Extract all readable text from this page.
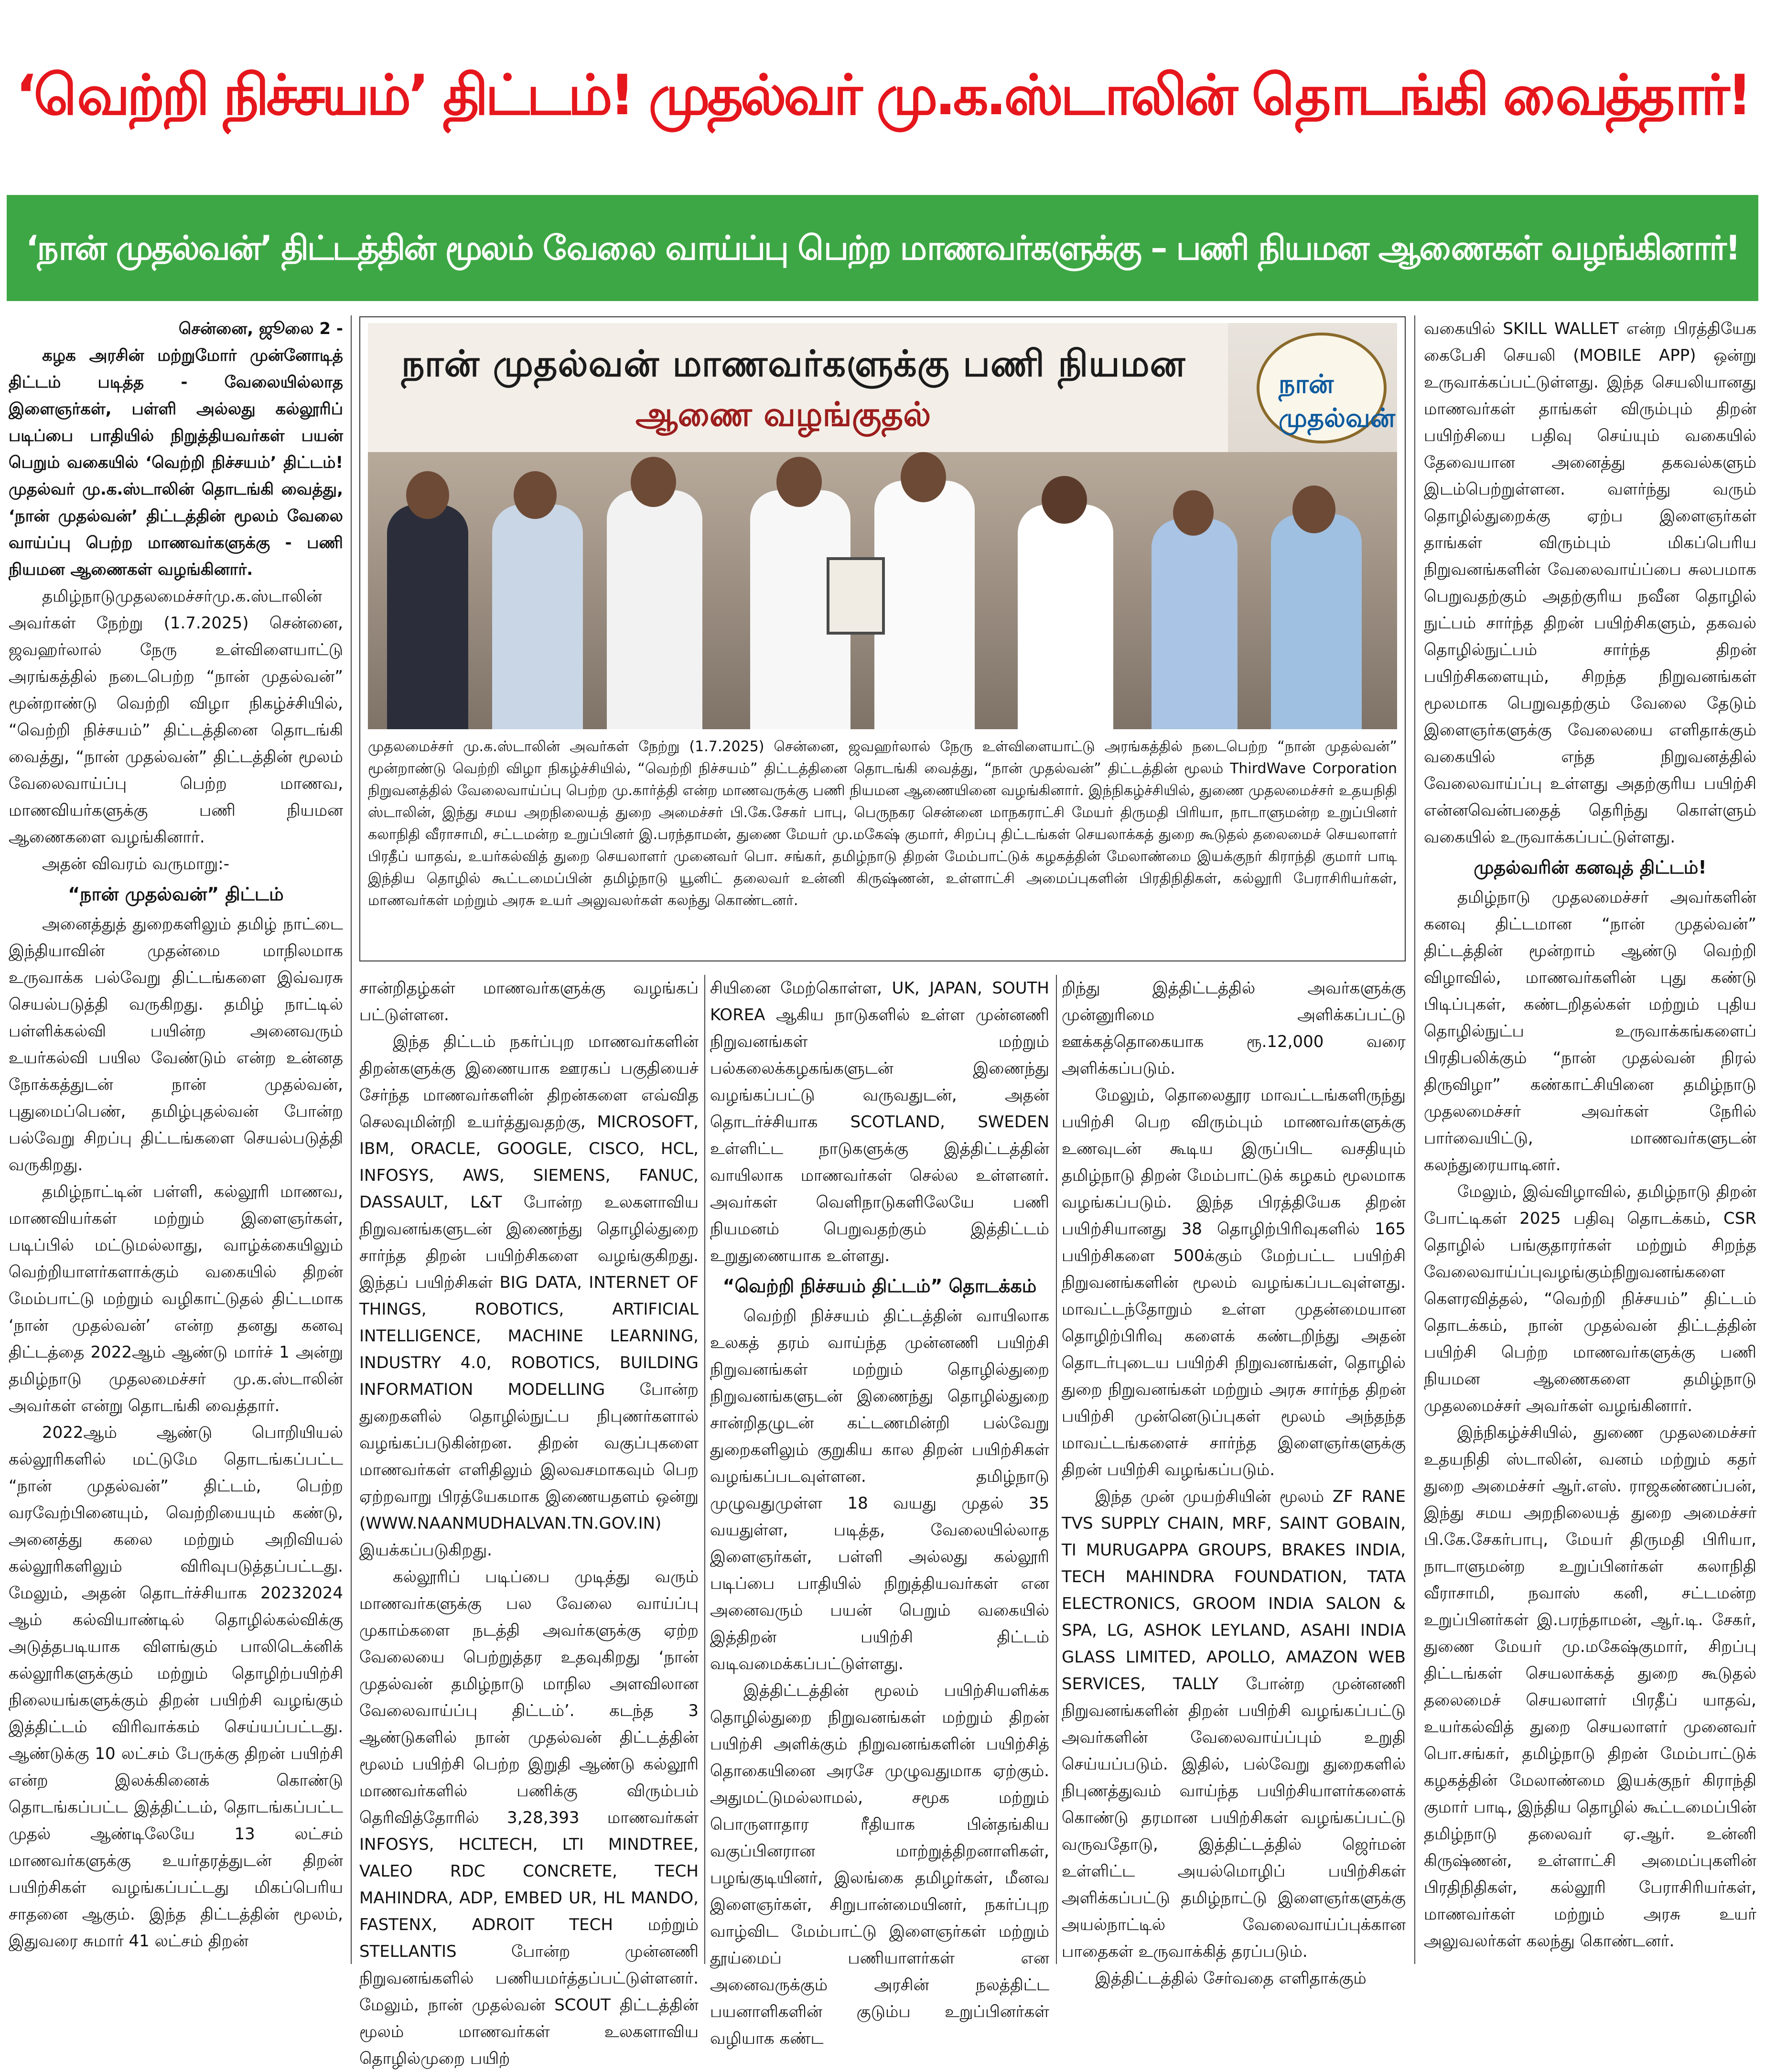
‘வெற்றி நிச்சயம்’ திட்டம்! முதல்வர் மு.க.ஸ்டாலின் தொடங்கி வைத்தார்!
‘நான் முதல்வன்’ திட்டத்தின் மூலம் வேலை வாய்ப்பு பெற்ற மாணவர்களுக்கு – பணி நியமன ஆணைகள் வழங்கினார்!
சென்னை, ஜூலை 2 -

கழக அரசின் மற்றுமோர் முன்னோடித் திட்டம் படித்த - வேலையில்லாத இளைஞர்கள், பள்ளி அல்லது கல்லூரிப் படிப்பை பாதியில் நிறுத்தியவர்கள் பயன் பெறும் வகையில் ‘வெற்றி நிச்சயம்’ திட்டம்! முதல்வர் மு.க.ஸ்டாலின் தொடங்கி வைத்து, ‘நான் முதல்வன்’ திட்டத்தின் மூலம் வேலை வாய்ப்பு பெற்ற மாணவர்களுக்கு - பணி நியமன ஆணைகள் வழங்கினார்.

தமிழ்நாடுமுதலமைச்சர்மு.க.ஸ்டாலின் அவர்கள் நேற்று (1.7.2025) சென்னை, ஜவஹர்லால் நேரு உள்விளையாட்டு அரங்கத்தில் நடைபெற்ற “நான் முதல்வன்” மூன்றாண்டு வெற்றி விழா நிகழ்ச்சியில், “வெற்றி நிச்சயம்” திட்டத்தினை தொடங்கி வைத்து, “நான் முதல்வன்” திட்டத்தின் மூலம் வேலைவாய்ப்பு பெற்ற மாணவ, மாணவியர்களுக்கு பணி நியமன ஆணைகளை வழங்கினார்.

அதன் விவரம் வருமாறு:-

“நான் முதல்வன்” திட்டம்

அனைத்துத் துறைகளிலும் தமிழ் நாட்டை இந்தியாவின் முதன்மை மாநிலமாக உருவாக்க பல்வேறு திட்டங்களை இவ்வரசு செயல்படுத்தி வருகிறது. தமிழ் நாட்டில் பள்ளிக்கல்வி பயின்ற அனைவரும் உயர்கல்வி பயில வேண்டும் என்ற உன்னத நோக்கத்துடன் நான் முதல்வன், புதுமைப்பெண், தமிழ்புதல்வன் போன்ற பல்வேறு சிறப்பு திட்டங்களை செயல்படுத்தி வருகிறது.

தமிழ்நாட்டின் பள்ளி, கல்லூரி மாணவ, மாணவியர்கள் மற்றும் இளைஞர்கள், படிப்பில் மட்டுமல்லாது, வாழ்க்கையிலும் வெற்றியாளர்களாக்கும் வகையில் திறன் மேம்பாட்டு மற்றும் வழிகாட்டுதல் திட்டமாக ‘நான் முதல்வன்’ என்ற தனது கனவு திட்டத்தை 2022ஆம் ஆண்டு மார்ச் 1 அன்று தமிழ்நாடு முதலமைச்சர் மு.க.ஸ்டாலின் அவர்கள் என்று தொடங்கி வைத்தார்.

2022ஆம் ஆண்டு பொறியியல் கல்லூரிகளில் மட்டுமே தொடங்கப்பட்ட “நான் முதல்வன்” திட்டம், பெற்ற வரவேற்பினையும், வெற்றியையும் கண்டு, அனைத்து கலை மற்றும் அறிவியல் கல்லூரிகளிலும் விரிவுபடுத்தப்பட்டது. மேலும், அதன் தொடர்ச்சியாக 20232024 ஆம் கல்வியாண்டில் தொழில்கல்விக்கு அடுத்தபடியாக விளங்கும் பாலிடெக்னிக் கல்லூரிகளுக்கும் மற்றும் தொழிற்பயிற்சி நிலையங்களுக்கும் திறன் பயிற்சி வழங்கும் இத்திட்டம் விரிவாக்கம் செய்யப்பட்டது. ஆண்டுக்கு 10 லட்சம் பேருக்கு திறன் பயிற்சி என்ற இலக்கினைக் கொண்டு தொடங்கப்பட்ட இத்திட்டம், தொடங்கப்பட்ட முதல் ஆண்டிலேயே 13 லட்சம் மாணவர்களுக்கு உயர்தரத்துடன் திறன் பயிற்சிகள் வழங்கப்பட்டது மிகப்பெரிய சாதனை ஆகும். இந்த திட்டத்தின் மூலம், இதுவரை சுமார் 41 லட்சம் திறன்

நான் முதல்வன் மாணவர்களுக்கு பணி நியமன
ஆணை வழங்குதல்
நான் முதல்வன்
முதலமைச்சர் மு.க.ஸ்டாலின் அவர்கள் நேற்று (1.7.2025) சென்னை, ஜவஹர்லால் நேரு உள்விளையாட்டு அரங்கத்தில் நடைபெற்ற “நான் முதல்வன்” மூன்றாண்டு வெற்றி விழா நிகழ்ச்சியில், “வெற்றி நிச்சயம்” திட்டத்தினை தொடங்கி வைத்து, “நான் முதல்வன்” திட்டத்தின் மூலம் ThirdWave Corporation நிறுவனத்தில் வேலைவாய்ப்பு பெற்ற மு.கார்த்தி என்ற மாணவருக்கு பணி நியமன ஆணையினை வழங்கினார். இந்நிகழ்ச்சியில், துணை முதலமைச்சர் உதயநிதி ஸ்டாலின், இந்து சமய அறநிலையத் துறை அமைச்சர் பி.கே.சேகர் பாபு, பெருநகர சென்னை மாநகராட்சி மேயர் திருமதி பிரியா, நாடாளுமன்ற உறுப்பினர் கலாநிதி வீராசாமி, சட்டமன்ற உறுப்பினர் இ.பரந்தாமன், துணை மேயர் மு.மகேஷ் குமார், சிறப்பு திட்டங்கள் செயலாக்கத் துறை கூடுதல் தலைமைச் செயலாளர் பிரதீப் யாதவ், உயர்கல்வித் துறை செயலாளர் முனைவர் பொ. சங்கர், தமிழ்நாடு திறன் மேம்பாட்டுக் கழகத்தின் மேலாண்மை இயக்குநர் கிராந்தி குமார் பாடி இந்திய தொழில் கூட்டமைப்பின் தமிழ்நாடு யூனிட் தலைவர் உன்னி கிருஷ்ணன், உள்ளாட்சி அமைப்புகளின் பிரதிநிதிகள், கல்லூரி பேராசிரியர்கள், மாணவர்கள் மற்றும் அரசு உயர் அலுவலர்கள் கலந்து கொண்டனர்.

சான்றிதழ்கள் மாணவர்களுக்கு வழங்கப் பட்டுள்ளன.

இந்த திட்டம் நகர்ப்புற மாணவர்களின் திறன்களுக்கு இணையாக ஊரகப் பகுதியைச் சேர்ந்த மாணவர்களின் திறன்களை எவ்வித செலவுமின்றி உயர்த்துவதற்கு, MICROSOFT, IBM, ORACLE, GOOGLE, CISCO, HCL, INFOSYS, AWS, SIEMENS, FANUC, DASSAULT, L&T போன்ற உலகளாவிய நிறுவனங்களுடன் இணைந்து தொழில்துறை சார்ந்த திறன் பயிற்சிகளை வழங்குகிறது. இந்தப் பயிற்சிகள் BIG DATA, INTERNET OF THINGS, ROBOTICS, ARTIFICIAL INTELLIGENCE, MACHINE LEARNING, INDUSTRY 4.0, ROBOTICS, BUILDING INFORMATION MODELLING போன்ற துறைகளில் தொழில்நுட்ப நிபுணர்களால் வழங்கப்படுகின்றன. திறன் வகுப்புகளை மாணவர்கள் எளிதிலும் இலவசமாகவும் பெற ஏற்றவாறு பிரத்யேகமாக இணையதளம் ஒன்று (WWW.NAANMUDHALVAN.TN.GOV.IN) இயக்கப்படுகிறது.

கல்லூரிப் படிப்பை முடித்து வரும் மாணவர்களுக்கு பல வேலை வாய்ப்பு முகாம்களை நடத்தி அவர்களுக்கு ஏற்ற வேலையை பெற்றுத்தர உதவுகிறது ‘நான் முதல்வன் தமிழ்நாடு மாநில அளவிலான வேலைவாய்ப்பு திட்டம்’. கடந்த 3 ஆண்டுகளில் நான் முதல்வன் திட்டத்தின் மூலம் பயிற்சி பெற்ற இறுதி ஆண்டு கல்லூரி மாணவர்களில் பணிக்கு விரும்பம் தெரிவித்தோரில் 3,28,393 மாணவர்கள் INFOSYS, HCLTECH, LTI MINDTREE, VALEO RDC CONCRETE, TECH MAHINDRA, ADP, EMBED UR, HL MANDO, FASTENX, ADROIT TECH மற்றும் STELLANTIS போன்ற முன்னணி நிறுவனங்களில் பணியமர்த்தப்பட்டுள்ளனர். மேலும், நான் முதல்வன் SCOUT திட்டத்தின் மூலம் மாணவர்கள் உலகளாவிய தொழில்முறை பயிற்

சியினை மேற்கொள்ள, UK, JAPAN, SOUTH KOREA ஆகிய நாடுகளில் உள்ள முன்னணி நிறுவனங்கள் மற்றும் பல்கலைக்கழகங்களுடன் இணைந்து வழங்கப்பட்டு வருவதுடன், அதன் தொடர்ச்சியாக SCOTLAND, SWEDEN உள்ளிட்ட நாடுகளுக்கு இத்திட்டத்தின் வாயிலாக மாணவர்கள் செல்ல உள்ளனர். அவர்கள் வெளிநாடுகளிலேயே பணி நியமனம் பெறுவதற்கும் இத்திட்டம் உறுதுணையாக உள்ளது.

“வெற்றி நிச்சயம் திட்டம்” தொடக்கம்

வெற்றி நிச்சயம் திட்டத்தின் வாயிலாக உலகத் தரம் வாய்ந்த முன்னணி பயிற்சி நிறுவனங்கள் மற்றும் தொழில்துறை நிறுவனங்களுடன் இணைந்து தொழில்துறை சான்றிதழுடன் கட்டணமின்றி பல்வேறு துறைகளிலும் குறுகிய கால திறன் பயிற்சிகள் வழங்கப்படவுள்ளன. தமிழ்நாடு முழுவதுமுள்ள 18 வயது முதல் 35 வயதுள்ள, படித்த, வேலையில்லாத இளைஞர்கள், பள்ளி அல்லது கல்லூரி படிப்பை பாதியில் நிறுத்தியவர்கள் என அனைவரும் பயன் பெறும் வகையில் இத்திறன் பயிற்சி திட்டம் வடிவமைக்கப்பட்டுள்ளது.

இத்திட்டத்தின் மூலம் பயிற்சியளிக்க தொழில்துறை நிறுவனங்கள் மற்றும் திறன் பயிற்சி அளிக்கும் நிறுவனங்களின் பயிற்சித் தொகையினை அரசே முழுவதுமாக ஏற்கும். அதுமட்டுமல்லாமல், சமூக மற்றும் பொருளாதார ரீதியாக பின்தங்கிய வகுப்பினரான மாற்றுத்திறனாளிகள், பழங்குடியினர், இலங்கை தமிழர்கள், மீனவ இளைஞர்கள், சிறுபான்மையினர், நகர்ப்புற வாழ்விட மேம்பாட்டு இளைஞர்கள் மற்றும் தூய்மைப் பணியாளர்கள் என அனைவருக்கும் அரசின் நலத்திட்ட பயனாளிகளின் குடும்ப உறுப்பினர்கள் வழியாக கண்ட

றிந்து இத்திட்டத்தில் அவர்களுக்கு முன்னுரிமை அளிக்கப்பட்டு ஊக்கத்தொகையாக ரூ.12,000 வரை அளிக்கப்படும்.

மேலும், தொலைதூர மாவட்டங்களிருந்து பயிற்சி பெற விரும்பும் மாணவர்களுக்கு உணவுடன் கூடிய இருப்பிட வசதியும் தமிழ்நாடு திறன் மேம்பாட்டுக் கழகம் மூலமாக வழங்கப்படும். இந்த பிரத்தியேக திறன் பயிற்சியானது 38 தொழிற்பிரிவுகளில் 165 பயிற்சிகளை 500க்கும் மேற்பட்ட பயிற்சி நிறுவனங்களின் மூலம் வழங்கப்படவுள்ளது. மாவட்டந்தோறும் உள்ள முதன்மையான தொழிற்பிரிவு களைக் கண்டறிந்து அதன் தொடர்புடைய பயிற்சி நிறுவனங்கள், தொழில் துறை நிறுவனங்கள் மற்றும் அரசு சார்ந்த திறன் பயிற்சி முன்னெடுப்புகள் மூலம் அந்தந்த மாவட்டங்களைச் சார்ந்த இளைஞர்களுக்கு திறன் பயிற்சி வழங்கப்படும்.

இந்த முன் முயற்சியின் மூலம் ZF RANE TVS SUPPLY CHAIN, MRF, SAINT GOBAIN, TI MURUGAPPA GROUPS, BRAKES INDIA, TECH MAHINDRA FOUNDATION, TATA ELECTRONICS, GROOM INDIA SALON & SPA, LG, ASHOK LEYLAND, ASAHI INDIA GLASS LIMITED, APOLLO, AMAZON WEB SERVICES, TALLY போன்ற முன்னணி நிறுவனங்களின் திறன் பயிற்சி வழங்கப்பட்டு அவர்களின் வேலைவாய்ப்பும் உறுதி செய்யப்படும். இதில், பல்வேறு துறைகளில் நிபுணத்துவம் வாய்ந்த பயிற்சியாளர்களைக் கொண்டு தரமான பயிற்சிகள் வழங்கப்பட்டு வருவதோடு, இத்திட்டத்தில் ஜெர்மன் உள்ளிட்ட அயல்மொழிப் பயிற்சிகள் அளிக்கப்பட்டு தமிழ்நாட்டு இளைஞர்களுக்கு அயல்நாட்டில் வேலைவாய்ப்புக்கான பாதைகள் உருவாக்கித் தரப்படும்.

இத்திட்டத்தில் சேர்வதை எளிதாக்கும்

வகையில் SKILL WALLET என்ற பிரத்தியேக கைபேசி செயலி (MOBILE APP) ஒன்று உருவாக்கப்பட்டுள்ளது. இந்த செயலியானது மாணவர்கள் தாங்கள் விரும்பும் திறன் பயிற்சியை பதிவு செய்யும் வகையில் தேவையான அனைத்து தகவல்களும் இடம்பெற்றுள்ளன. வளர்ந்து வரும் தொழில்துறைக்கு ஏற்ப இளைஞர்கள் தாங்கள் விரும்பும் மிகப்பெரிய நிறுவனங்களின் வேலைவாய்ப்பை சுலபமாக பெறுவதற்கும் அதற்குரிய நவீன தொழில் நுட்பம் சார்ந்த திறன் பயிற்சிகளும், தகவல் தொழில்நுட்பம் சார்ந்த திறன் பயிற்சிகளையும், சிறந்த நிறுவனங்கள் மூலமாக பெறுவதற்கும் வேலை தேடும் இளைஞர்களுக்கு வேலையை எளிதாக்கும் வகையில் எந்த நிறுவனத்தில் வேலைவாய்ப்பு உள்ளது அதற்குரிய பயிற்சி என்னவென்பதைத் தெரிந்து கொள்ளும் வகையில் உருவாக்கப்பட்டுள்ளது.

முதல்வரின் கனவுத் திட்டம்!

தமிழ்நாடு முதலமைச்சர் அவர்களின் கனவு திட்டமான “நான் முதல்வன்” திட்டத்தின் மூன்றாம் ஆண்டு வெற்றி விழாவில், மாணவர்களின் புது கண்டு பிடிப்புகள், கண்டறிதல்கள் மற்றும் புதிய தொழில்நுட்ப உருவாக்கங்களைப் பிரதிபலிக்கும் “நான் முதல்வன் நிரல் திருவிழா” கண்காட்சியினை தமிழ்நாடு முதலமைச்சர் அவர்கள் நேரில் பார்வையிட்டு, மாணவர்களுடன் கலந்துரையாடினர்.

மேலும், இவ்விழாவில், தமிழ்நாடு திறன் போட்டிகள் 2025 பதிவு தொடக்கம், CSR தொழில் பங்குதாரர்கள் மற்றும் சிறந்த வேலைவாய்ப்புவழங்கும்நிறுவனங்களை கௌரவித்தல், “வெற்றி நிச்சயம்” திட்டம் தொடக்கம், நான் முதல்வன் திட்டத்தின் பயிற்சி பெற்ற மாணவர்களுக்கு பணி நியமன ஆணைகளை தமிழ்நாடு முதலமைச்சர் அவர்கள் வழங்கினார்.

இந்நிகழ்ச்சியில், துணை முதலமைச்சர் உதயநிதி ஸ்டாலின், வனம் மற்றும் கதர் துறை அமைச்சர் ஆர்.எஸ். ராஜகண்ணப்பன், இந்து சமய அறநிலையத் துறை அமைச்சர் பி.கே.சேகர்பாபு, மேயர் திருமதி பிரியா, நாடாளுமன்ற உறுப்பினர்கள் கலாநிதி வீராசாமி, நவாஸ் கனி, சட்டமன்ற உறுப்பினர்கள் இ.பரந்தாமன், ஆர்.டி. சேகர், துணை மேயர் மு.மகேஷ்குமார், சிறப்பு திட்டங்கள் செயலாக்கத் துறை கூடுதல் தலைமைச் செயலாளர் பிரதீப் யாதவ், உயர்கல்வித் துறை செயலாளர் முனைவர் பொ.சங்கர், தமிழ்நாடு திறன் மேம்பாட்டுக் கழகத்தின் மேலாண்மை இயக்குநர் கிராந்தி குமார் பாடி, இந்திய தொழில் கூட்டமைப்பின் தமிழ்நாடு தலைவர் ஏ.ஆர். உன்னி கிருஷ்ணன், உள்ளாட்சி அமைப்புகளின் பிரதிநிதிகள், கல்லூரி பேராசிரியர்கள், மாணவர்கள் மற்றும் அரசு உயர் அலுவலர்கள் கலந்து கொண்டனர்.
